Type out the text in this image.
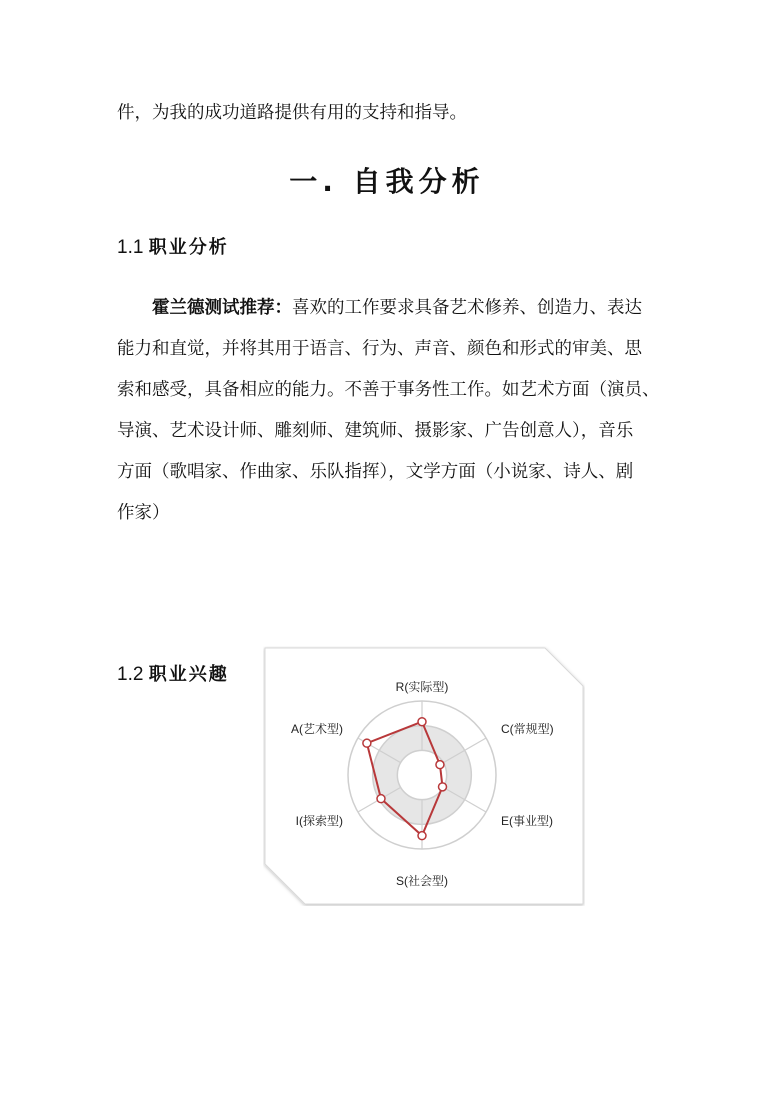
件，为我的成功道路提供有用的支持和指导。
一. 自我分析
1.1 职业分析

霍兰德测试推荐：喜欢的工作要求具备艺术修养、创造力、表达

能力和直觉，并将其用于语言、行为、声音、颜色和形式的审美、思

索和感受，具备相应的能力。不善于事务性工作。如艺术方面（演员、

导演、艺术设计师、雕刻师、建筑师、摄影家、广告创意人），音乐

方面（歌唱家、作曲家、乐队指挥），文学方面（小说家、诗人、剧

作家）

1.2 职业兴趣
R(实际型)
C(常规型)
E(事业型)
S(社会型)
I(探索型)
A(艺术型)
